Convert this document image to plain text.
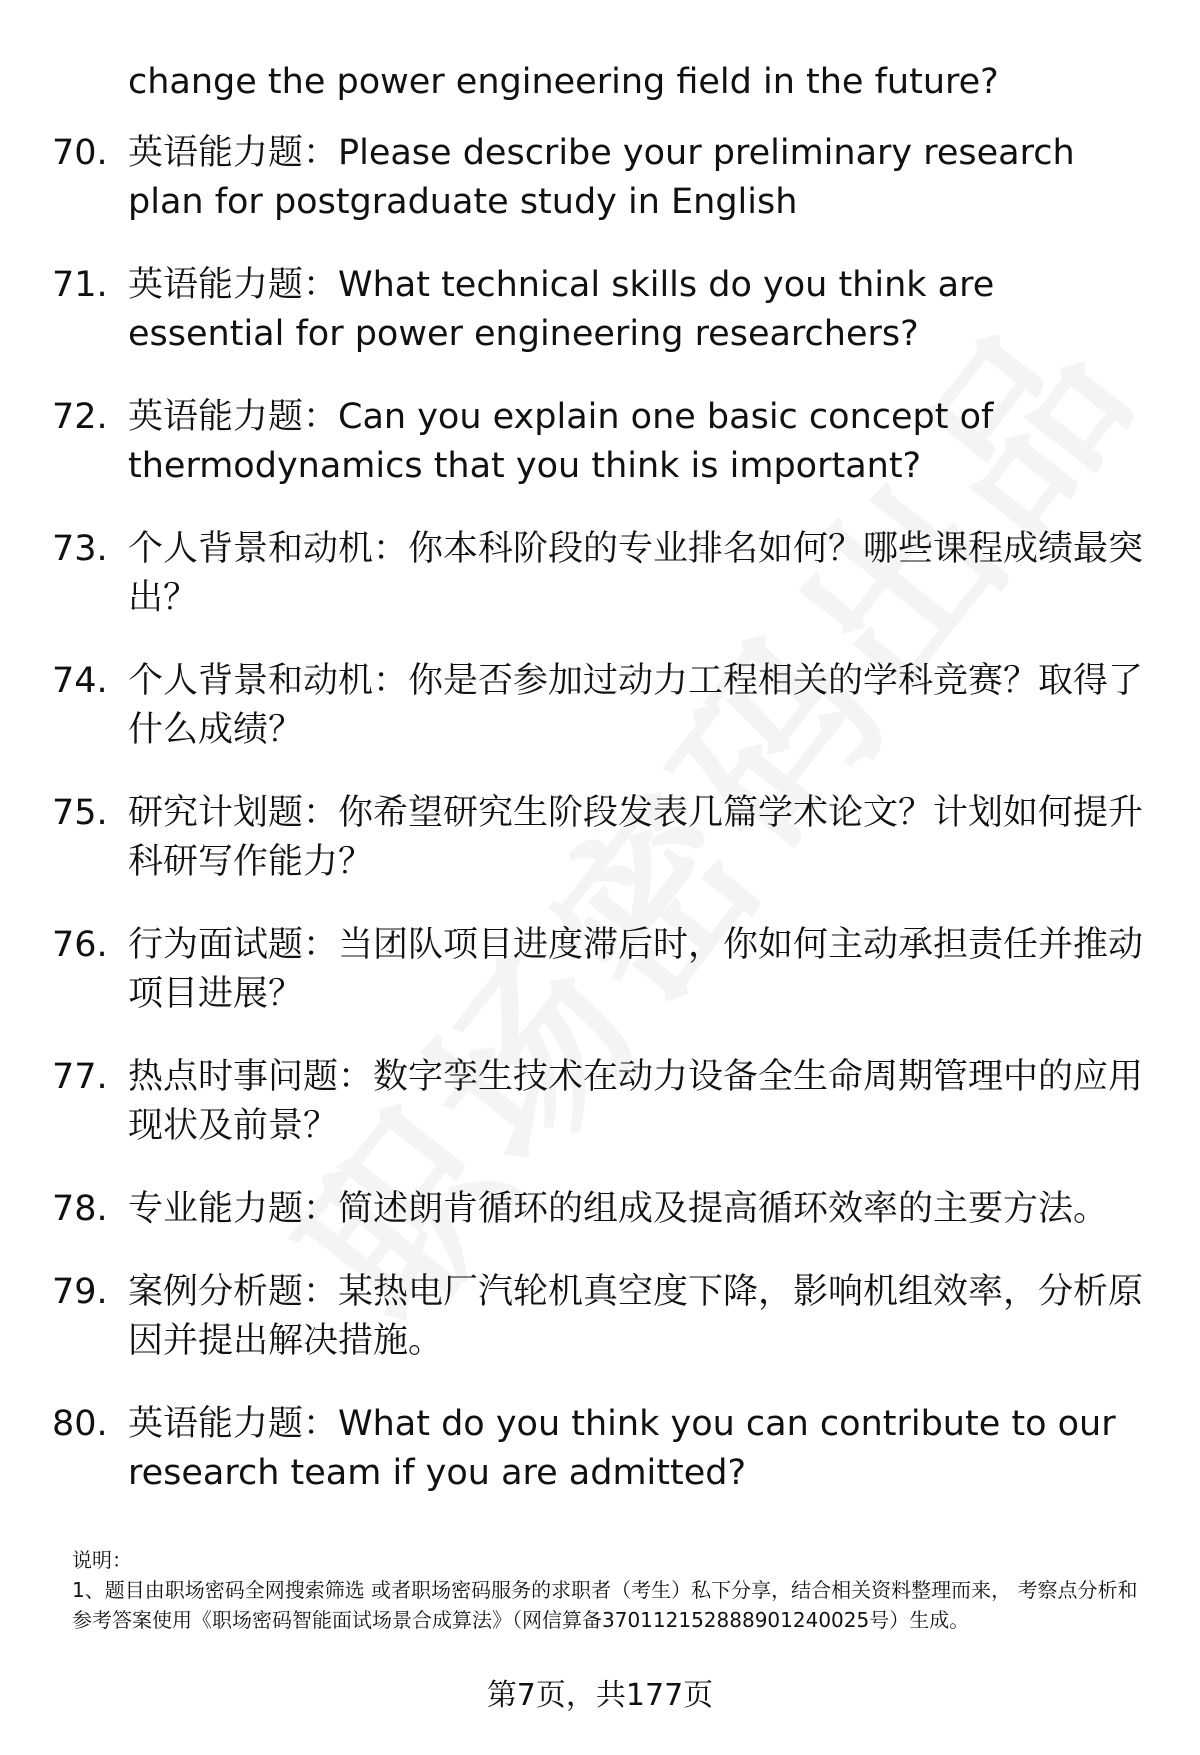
change the power engineering field in the future?
70. 英语能力题：Please describe your preliminary research plan for postgraduate study in English
71. 英语能力题：What technical skills do you think are essential for power engineering researchers?
72. 英语能力题：Can you explain one basic concept of thermodynamics that you think is important?
73. 个人背景和动机：你本科阶段的专业排名如何？哪些课程成绩最突出？
74. 个人背景和动机：你是否参加过动力工程相关的学科竞赛？取得了什么成绩？
75. 研究计划题：你希望研究生阶段发表几篇学术论文？计划如何提升科研写作能力？
76. 行为面试题：当团队项目进度滞后时，你如何主动承担责任并推动项目进展？
77. 热点时事问题：数字孪生技术在动力设备全生命周期管理中的应用现状及前景？
78. 专业能力题：简述朗肯循环的组成及提高循环效率的主要方法。
79. 案例分析题：某热电厂汽轮机真空度下降，影响机组效率，分析原因并提出解决措施。
80. 英语能力题：What do you think you can contribute to our research team if you are admitted?
说明：
1、题目由职场密码全网搜索筛选 或者职场密码服务的求职者（考生）私下分享，结合相关资料整理而来， 考察点分析和参考答案使用《职场密码智能面试场景合成算法》（网信算备370112152888901240025号）生成。
第7页，共177页
